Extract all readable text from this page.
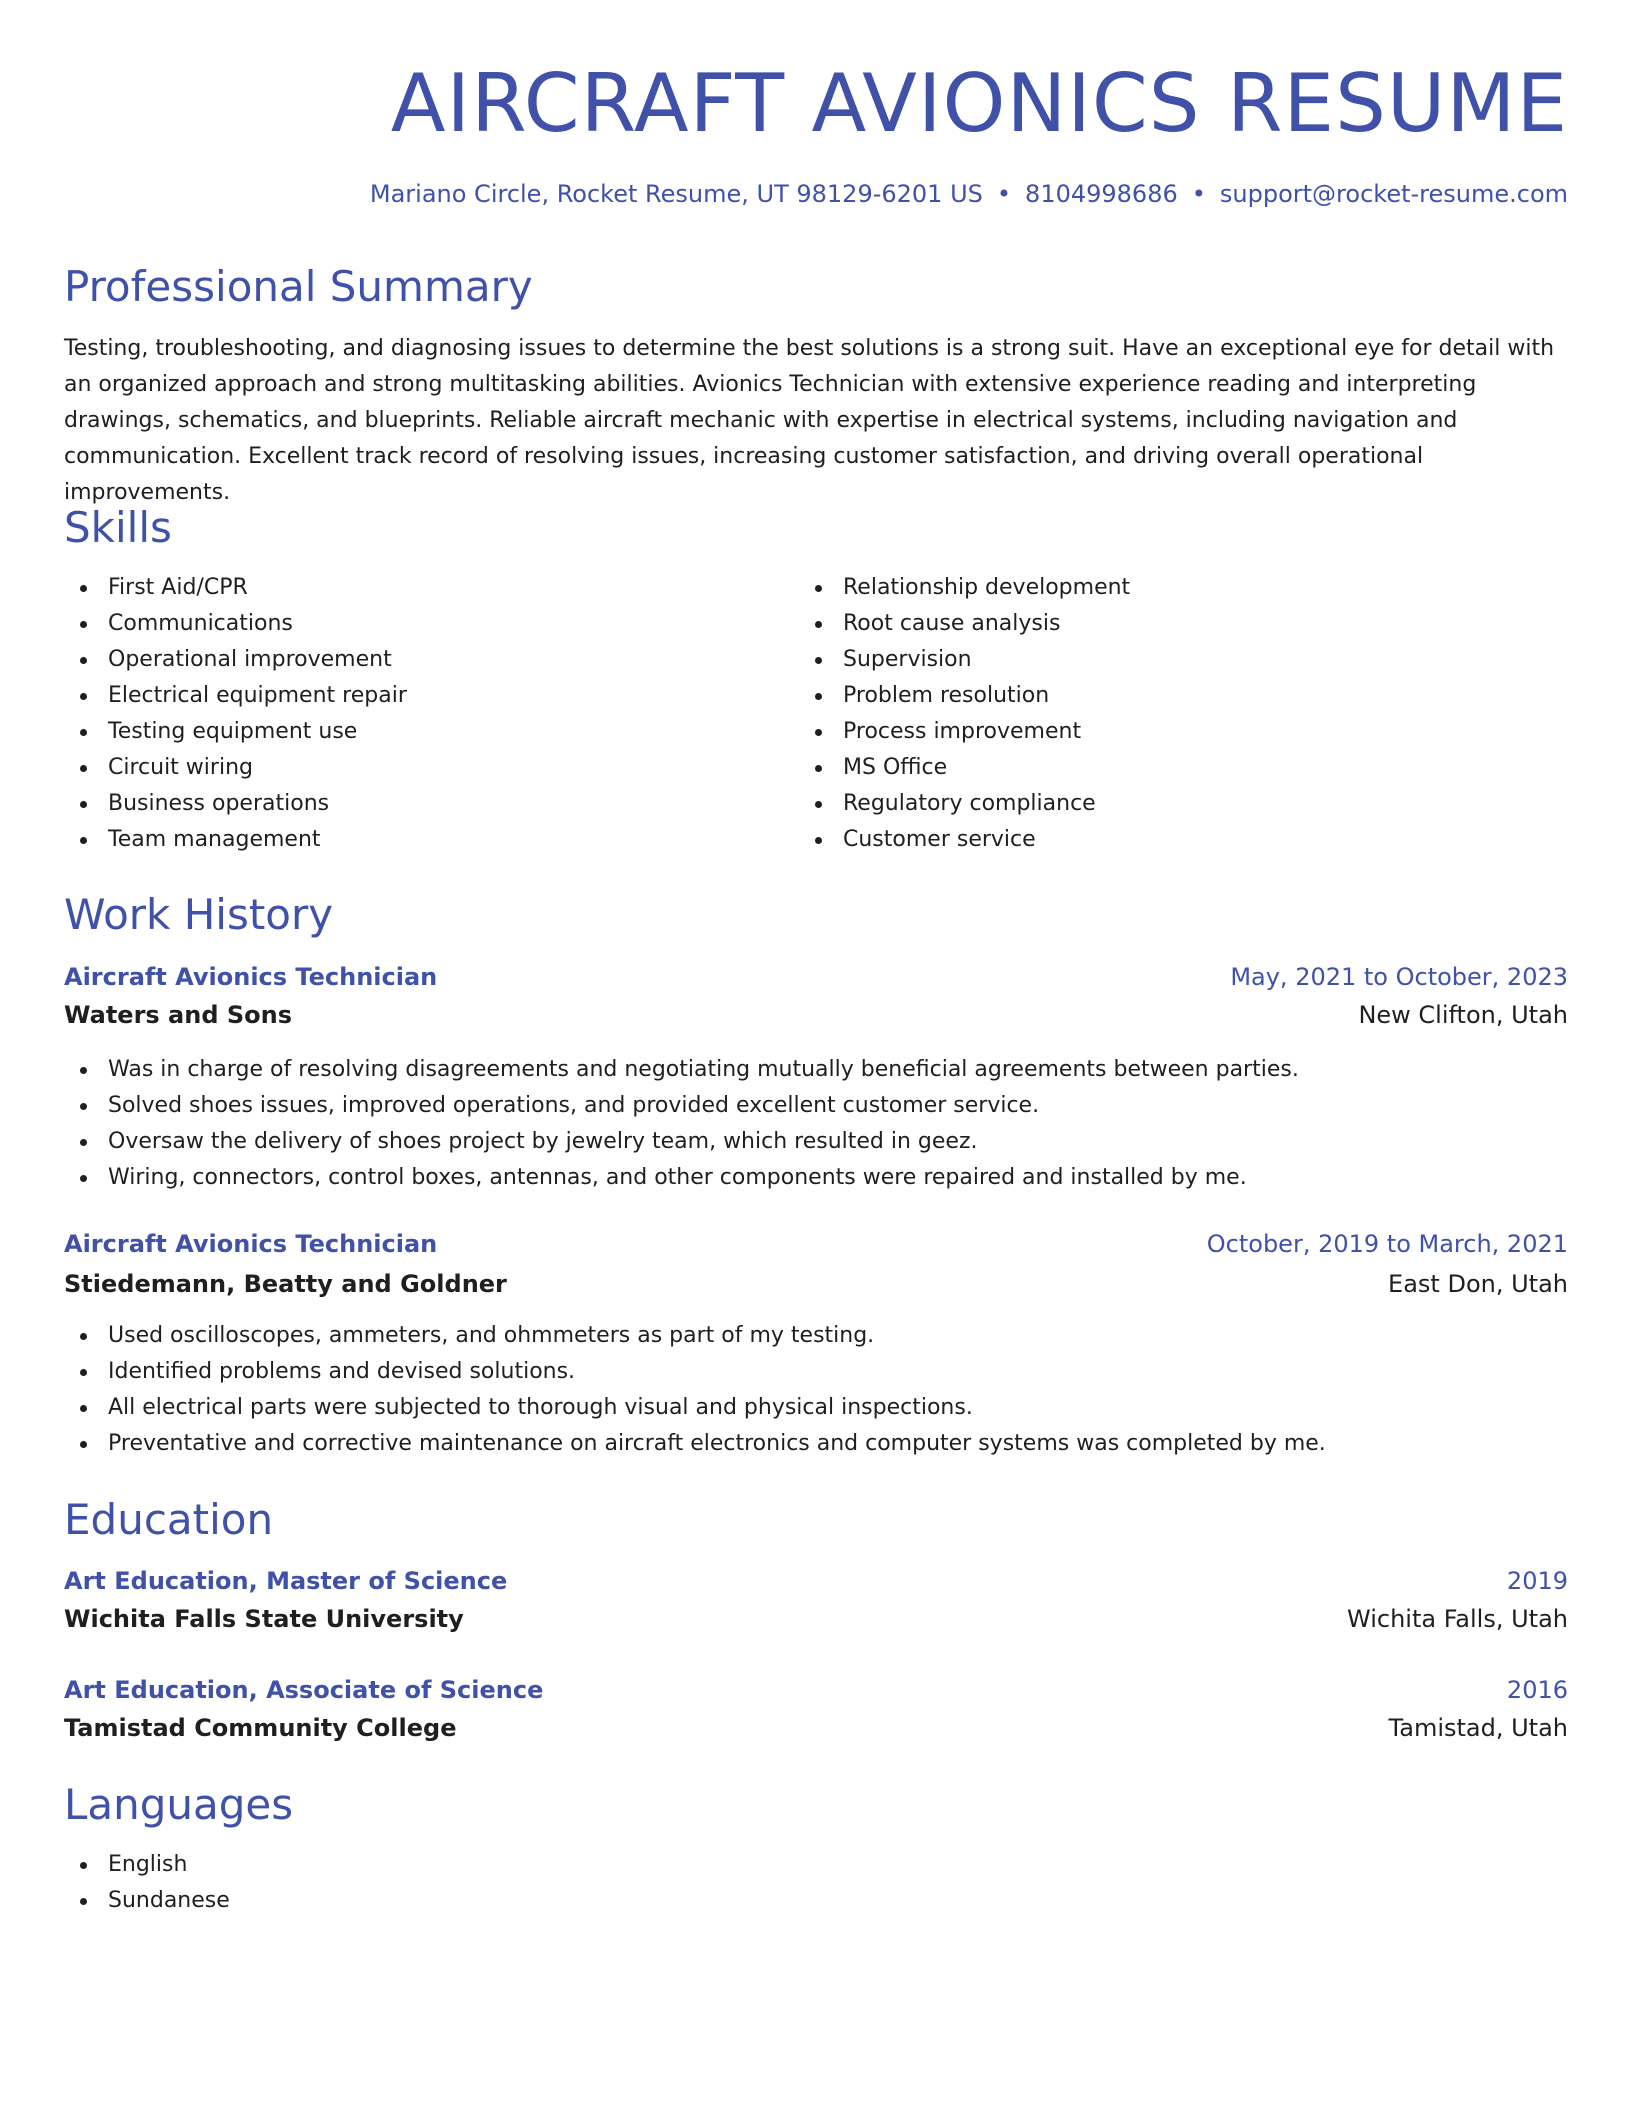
AIRCRAFT AVIONICS RESUME
Mariano Circle, Rocket Resume, UT 98129-6201 US • 8104998686 • support@rocket-resume.com
Professional Summary

Testing, troubleshooting, and diagnosing issues to determine the best solutions is a strong suit. Have an exceptional eye for detail with an organized approach and strong multitasking abilities. Avionics Technician with extensive experience reading and interpreting drawings, schematics, and blueprints. Reliable aircraft mechanic with expertise in electrical systems, including navigation and communication. Excellent track record of resolving issues, increasing customer satisfaction, and driving overall operational improvements.

Skills
First Aid/CPR
Communications
Operational improvement
Electrical equipment repair
Testing equipment use
Circuit wiring
Business operations
Team management
Relationship development
Root cause analysis
Supervision
Problem resolution
Process improvement
MS Office
Regulatory compliance
Customer service
Work History
Aircraft Avionics Technician	May, 2021 to October, 2023
Waters and Sons	New Clifton, Utah
Was in charge of resolving disagreements and negotiating mutually beneficial agreements between parties.
Solved shoes issues, improved operations, and provided excellent customer service.
Oversaw the delivery of shoes project by jewelry team, which resulted in geez.
Wiring, connectors, control boxes, antennas, and other components were repaired and installed by me.
Aircraft Avionics Technician	October, 2019 to March, 2021
Stiedemann, Beatty and Goldner	East Don, Utah
Used oscilloscopes, ammeters, and ohmmeters as part of my testing.
Identified problems and devised solutions.
All electrical parts were subjected to thorough visual and physical inspections.
Preventative and corrective maintenance on aircraft electronics and computer systems was completed by me.
Education
Art Education, Master of Science	2019
Wichita Falls State University	Wichita Falls, Utah
Art Education, Associate of Science	2016
Tamistad Community College	Tamistad, Utah
Languages
English
Sundanese
